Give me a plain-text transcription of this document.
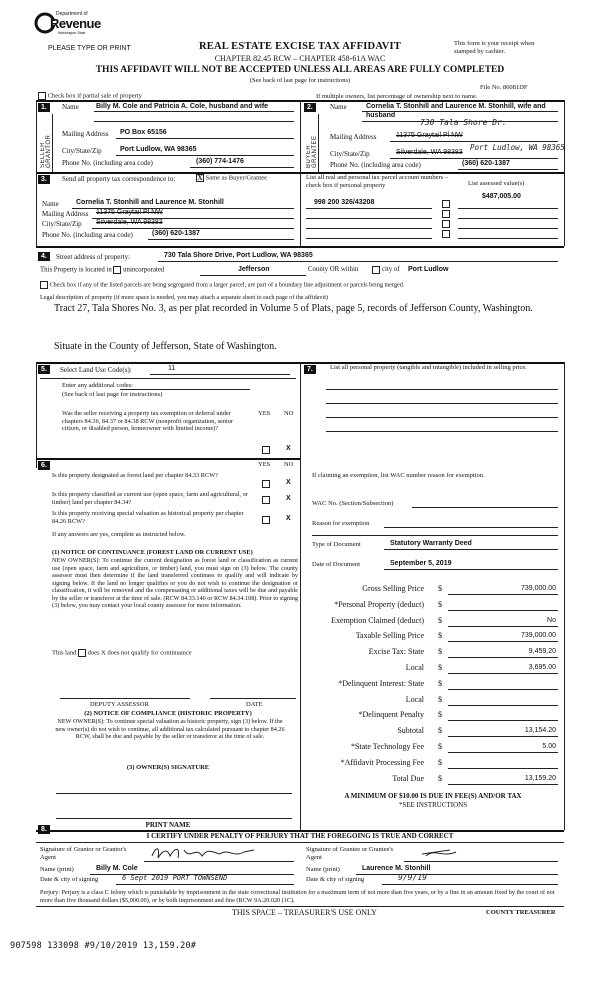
Department of
Revenue
Washington State
PLEASE TYPE OR PRINT	REAL ESTATE EXCISE TAX AFFIDAVIT
CHAPTER 82.45 RCW – CHAPTER 458-61A WAC
THIS AFFIDAVIT WILL NOT BE ACCEPTED UNLESS ALL AREAS ARE FULLY COMPLETED
(See back of last page for instructions)
This form is your receipt when stamped by cashier.
File No. 86081DF
Check box if partial sale of property	If multiple owners, list percentage of ownership next to name.
1.
SELLER GRANTOR
Name Billy M. Cole and Patricia A. Cole, husband and wife
Mailing Address PO Box 65156
City/State/Zip	Port Ludlow, WA 98365
Phone No. (including area code)	(360) 774-1476
2.
BUYER GRANTEE
Name	Cornelia T. Stonhill and Laurence M. Stonhill, wife and husband
730 Tala Shore Dr.
Mailing Address	11375 Graytail Pl NW
City/State/Zip	Silverdale, WA 98383
Port Ludlow, WA 98365
Phone No. (including area code)	(360) 620-1387
3.	Send all property tax correspondence to:	X Same as Buyer/Grantee	List all real and personal tax parcel account numbers – check box if personal property	List assessed value(s)
Name Cornelia T. Stonhill and Laurence M. Stonhill
Mailing Address 11375 Graytail Pl NW
City/State/Zip Silverdale, WA 98383
Phone No. (including area code)	(360) 620-1387
998 200 326/43208
$487,005.00
4.	Street address of property:	730 Tala Shore Drive, Port Ludlow, WA 98365
This Property is located in unincorporated	Jefferson	County OR within	city of Port Ludlow
Check box if any of the listed parcels are being segregated from a larger parcel, are part of a boundary line adjustment or parcels being merged.
Legal description of property (if more space is needed, you may attach a separate sheet to each page of the affidavit)
Tract 27, Tala Shores No. 3, as per plat recorded in Volume 5 of Plats, page 5, records of Jefferson County, Washington.
Situate in the County of Jefferson, State of Washington.
5.	Select Land Use Code(s):	11
Enter any additional codes:
(See back of last page for instructions)
YES NO
Was the seller receiving a property tax exemption or deferral under chapters 84.36, 84.37 or 84.38 RCW (nonprofit organization, senior citizen, or disabled person, homeowner with limited income)?
X
7.	List all personal property (tangible and intangible) included in selling price.
6.	YES NO
Is this property designated as forest land per chapter 84.33 RCW?
X
Is this property classified as current use (open space, farm and agricultural, or timber) land per chapter 84.34?
X
Is this property receiving special valuation as historical property per chapter 84.26 RCW?	X
If any answers are yes, complete as instructed below.
(1) NOTICE OF CONTINUANCE (FOREST LAND OR CURRENT USE)
NEW OWNER(S): To continue the current designation as forest land or classification as current use (open space, farm and agriculture, or timber) land, you must sign on (3) below. The county assessor must then determine if the land transferred continues to qualify and will indicate by signing below. If the land no longer qualifies or you do not wish to continue the designation or classification, it will be removed and the compensating or additional taxes will be due and payable by the seller or transferor at the time of sale. (RCW 84.33.140 or RCW 84.34.108). Prior to signing (3) below, you may contact your local county assessor for more information.
This land does X does not qualify for continuance
DEPUTY ASSESSOR	DATE
(2) NOTICE OF COMPLIANCE (HISTORIC PROPERTY)
NEW OWNER(S): To continue special valuation as historic property, sign (3) below. If the new owner(s) do not wish to continue, all additional tax calculated pursuant to chapter 84.26 RCW, shall be due and payable by the seller or transferor at the time of sale.
(3) OWNER(S) SIGNATURE
PRINT NAME
If claiming an exemption, list WAC number reason for exemption.
WAC No. (Section/Subsection)
Reason for exemption
Type of Document	Statutory Warranty Deed
Date of Document	September 5, 2019
Gross Selling Price $	739,000.00
*Personal Property (deduct) $
Exemption Claimed (deduct) $	No
Taxable Selling Price $	739,000.00
Excise Tax: State $	9,459.20
Local $	3,695.00
*Delinquent Interest: State $
Local $
*Delinquent Penalty $
Subtotal $	13,154.20
*State Technology Fee $	5.00
*Affidavit Processing Fee $
Total Due $	13,159.20
A MINIMUM OF $10.00 IS DUE IN FEE(S) AND/OR TAX
*SEE INSTRUCTIONS
8.
I CERTIFY UNDER PENALTY OF PERJURY THAT THE FOREGOING IS TRUE AND CORRECT
Signature of Grantor or Grantor's Agent
Name (print)	Billy M. Cole
Date & city of signing	6 Sept 2019 PORT TOWNSEND
Signature of Grantee or Grantee's Agent
Name (print)	Laurence M. Stonhill
Date & city of signing	9/9/19
Perjury: Perjury is a class C felony which is punishable by imprisonment in the state correctional institution for a maximum term of not more than five years, or by a fine in an amount fixed by the court of not more than five thousand dollars ($5,000.00), or by both imprisonment and fine (RCW 9A.20.020 (1C).
THIS SPACE – TREASURER'S USE ONLY	COUNTY TREASURER
907598 133098 #9/10/2019 13,159.20#
